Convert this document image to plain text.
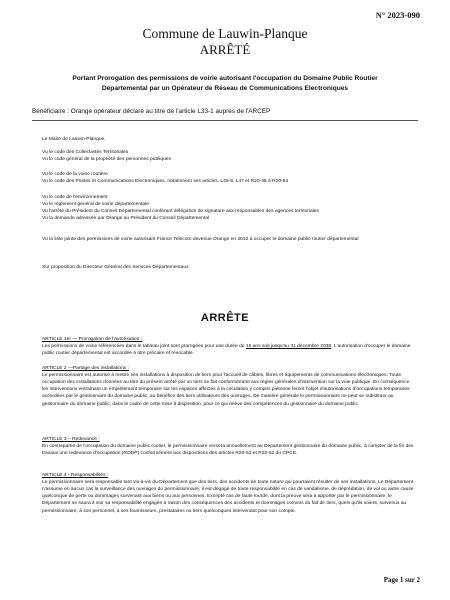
N° 2023-090
Commune de Lauwin-Planque
ARRÊTÉ
Portant Prorogation des permissions de voirie autorisant l'occupation du Domaine Public Routier
Départemental par un Opérateur de Réseau de Communications Electroniques
Bénéficiaire : Orange opérateur déclaré au titre de l'article L33-1 auprès de l'ARCEP

Le Maire de Lauwin-Planque,

Vu le code des Collectivités Territoriales

Vu le code général de la propriété des personnes publiques

Vu le code de la voirie routière

Vu le code des Postes et Communications Electroniques, notamment ses articles, L45-9, L47 et R20-45 à R20-54

Vu le code de l'environnement

Vu le règlement général de voirie départementale

Vu l'arrêté du Président du Conseil Départemental conférant délégation de signature aux responsables des agences territoriales

Vu la demande adressée par Orange au Président du Conseil Départemental

Vu la liste jointe des permissions de voirie autorisant France Telecom devenue Orange en 2012 à occuper le domaine public routier départemental

Sur proposition du Directeur Général des Services Départementaux

ARRÊTE

ARTICLE 1er — Prorogation de l'autorisation :

Les permissions de voirie référencées dans le tableau joint sont prorogées pour une durée de 15 ans soit jusqu'au 31 décembre 2038. L'autorisation d'occuper le domaine public routier départemental est accordée à titre précaire et révocable.

ARTICLE 2 —Partage des installations :

Le permissionnaire est autorisé à mettre ses installations à disposition de tiers pour l'accueil de câbles, fibres et équipements de communications électroniques. Toute occupation des installations données au titre du présent arrêté par un tiers se fait conformément aux règles générales d'intervention sur la voie publique. En conséquence les interventions entraînant un empiètement temporaire sur les espaces affectés à la circulation y compris piétonne feront l'objet d'autorisations d'occupations temporaires accordées par le gestionnaire du domaine public, au bénéfice des tiers utilisateurs des ouvrages. De manière générale le permissionnaire ne peut se substituer au gestionnaire du domaine public, dans le cadre de cette mise à disposition, pour ce qui relève des compétences du gestionnaire du domaine public.

ARTICLE 3 – Redevance :

En contrepartie de l'occupation du domaine public routier, le permissionnaire versera annuellement au Département gestionnaire du domaine public, à compter de la fin des travaux une redevance d'occupation (RODP) conformément aux dispositions des articles R20-51 et R20-52 du CPCE.

ARTICLE 4 - Responsabilités :

Le permissionnaire sera responsable tant vis-à-vis du Département que des tiers, des accidents de toute nature qui pourraient résulter de ses installations. Le Département n'assume en aucun cas la surveillance des ouvrages du permissionnaire, il est dégagé de toute responsabilité en cas de vandalisme, de déprédation, de vol ou autre cause quelconque de perte ou dommages survenant aux biens ou aux personnes. Excepté cas de faute lourde, dont la preuve sera à apporter par le permissionnaire, le Département ne saura it voir sa responsabilité engagée à raison des conséquences des accidents et dommages commis du fait de tiers, quels qu'ils soient, survenus au permissionnaire, à son personnel, à ses fournisseurs, prestataires ou tiers quelconques intervenant pour son compte.

Page 1 sur 2
